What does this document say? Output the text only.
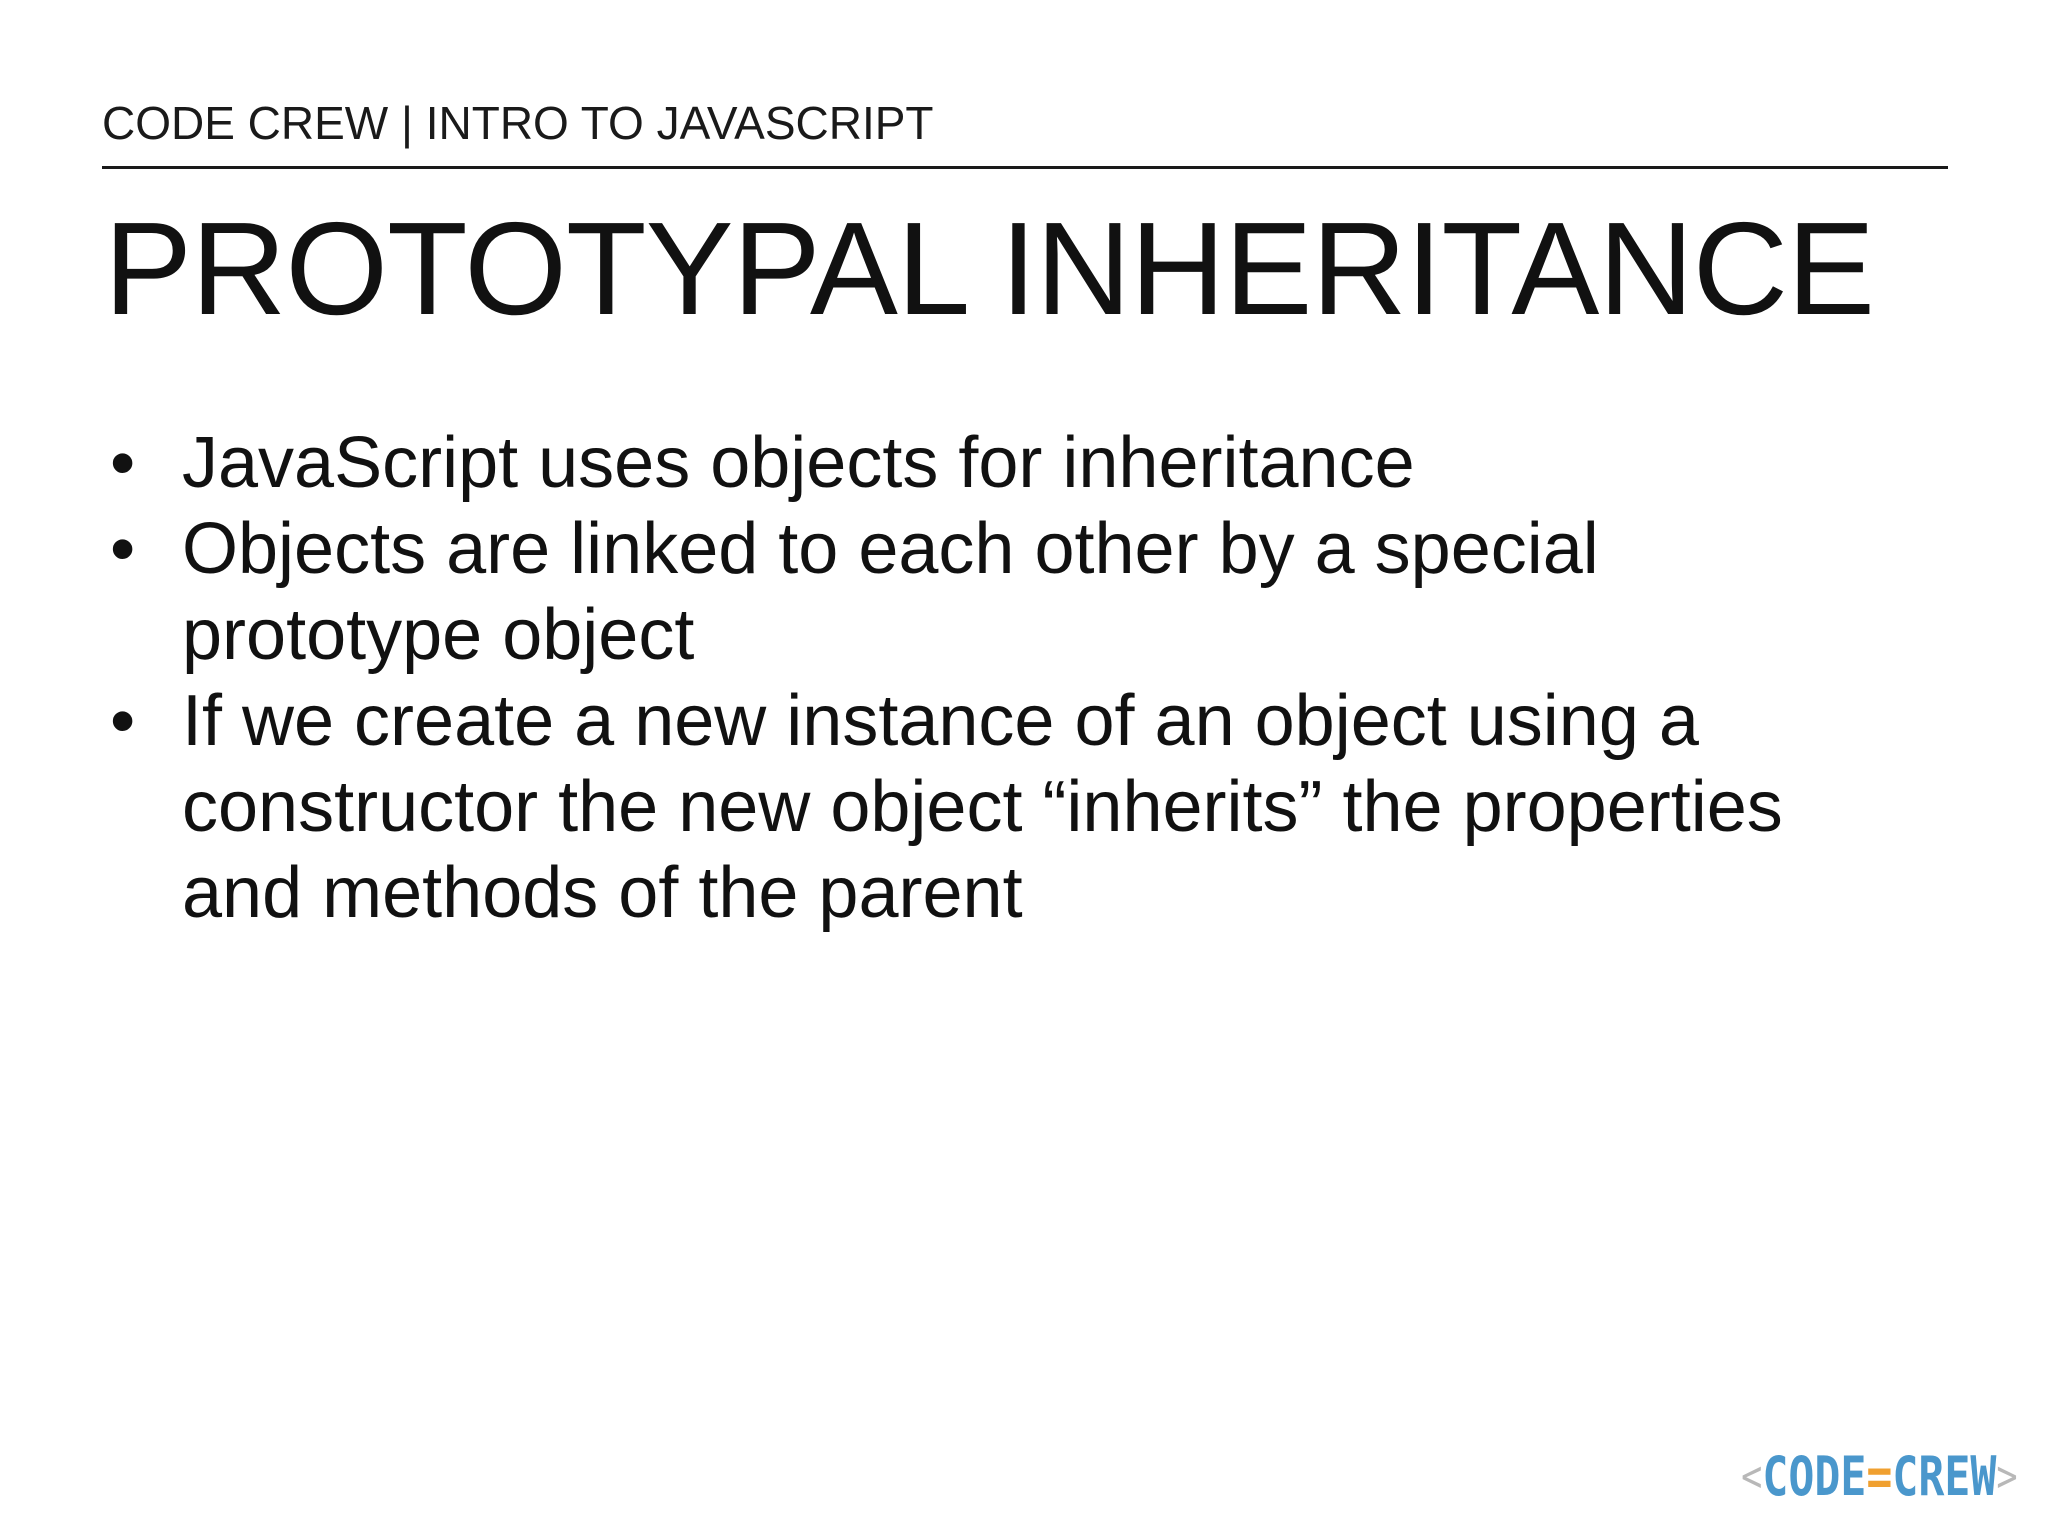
CODE CREW | INTRO TO JAVASCRIPT
PROTOTYPAL INHERITANCE
• JavaScript uses objects for inheritance
• Objects are linked to each other by a special prototype object
• If we create a new instance of an object using a constructor the new object “inherits” the properties and methods of the parent
< CODE = CREW >
